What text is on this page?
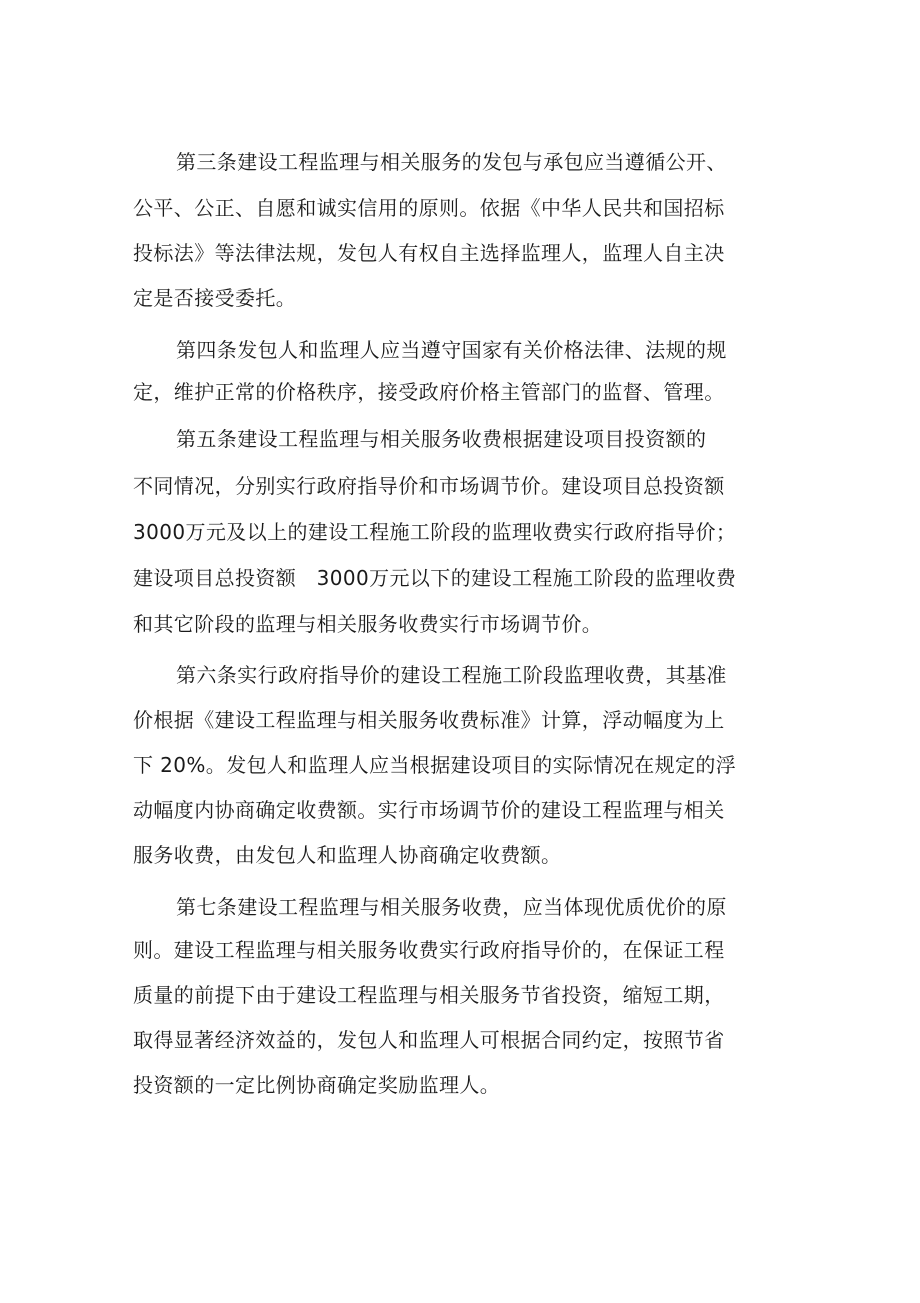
第三条建设工程监理与相关服务的发包与承包应当遵循公开、
公平、公正、自愿和诚实信用的原则。依据《中华人民共和国招标
投标法》等法律法规，发包人有权自主选择监理人，监理人自主决
定是否接受委托。
第四条发包人和监理人应当遵守国家有关价格法律、法规的规
定，维护正常的价格秩序，接受政府价格主管部门的监督、管理。
第五条建设工程监理与相关服务收费根据建设项目投资额的
不同情况，分别实行政府指导价和市场调节价。建设项目总投资额
3000万元及以上的建设工程施工阶段的监理收费实行政府指导价；
建设项目总投资额　3000万元以下的建设工程施工阶段的监理收费
和其它阶段的监理与相关服务收费实行市场调节价。
第六条实行政府指导价的建设工程施工阶段监理收费，其基准
价根据《建设工程监理与相关服务收费标准》计算，浮动幅度为上
下 20%。发包人和监理人应当根据建设项目的实际情况在规定的浮
动幅度内协商确定收费额。实行市场调节价的建设工程监理与相关
服务收费，由发包人和监理人协商确定收费额。
第七条建设工程监理与相关服务收费，应当体现优质优价的原
则。建设工程监理与相关服务收费实行政府指导价的，在保证工程
质量的前提下由于建设工程监理与相关服务节省投资，缩短工期，
取得显著经济效益的，发包人和监理人可根据合同约定，按照节省
投资额的一定比例协商确定奖励监理人。
